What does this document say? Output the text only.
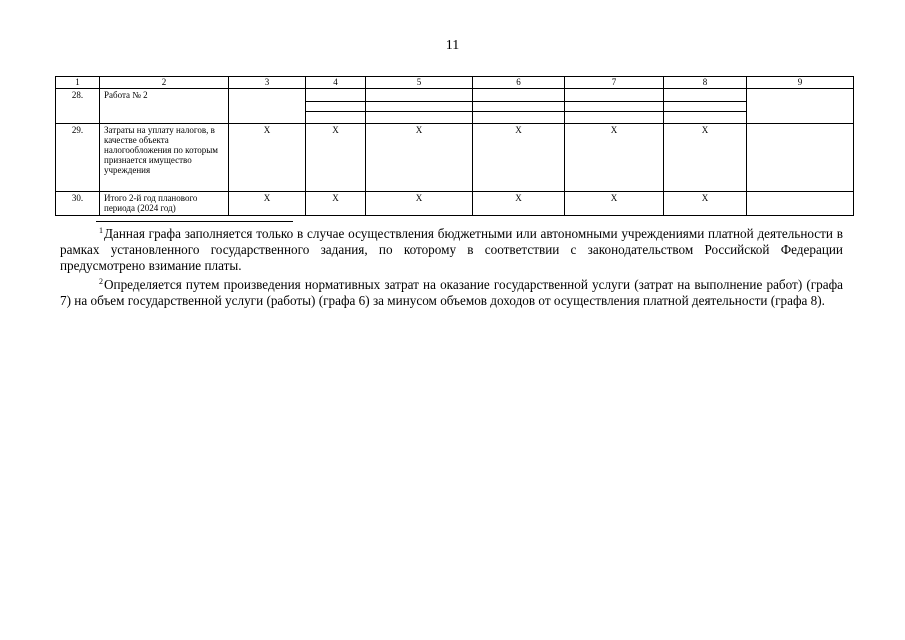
11
1	2	3	4	5	6	7	8	9
28.	Работа № 2							

29.	Затраты на уплату налогов, в качестве объекта налогообложения по которым признается имущество учреждения	X	X	X	X	X	X	
30.	Итого 2-й год планового периода (2024 год)	X	X	X	X	X	X	

$^1$Данная графа заполняется только в случае осуществления бюджетными или автономными учреждениями платной деятельности в рамках установленного государственного задания, по которому в соответствии с законодательством Российской Федерации предусмотрено взимание платы.

$^2$Определяется путем произведения нормативных затрат на оказание государственной услуги (затрат на выполнение работ) (графа 7) на объем государственной услуги (работы) (графа 6) за минусом объемов доходов от осуществления платной деятельности (графа 8).
